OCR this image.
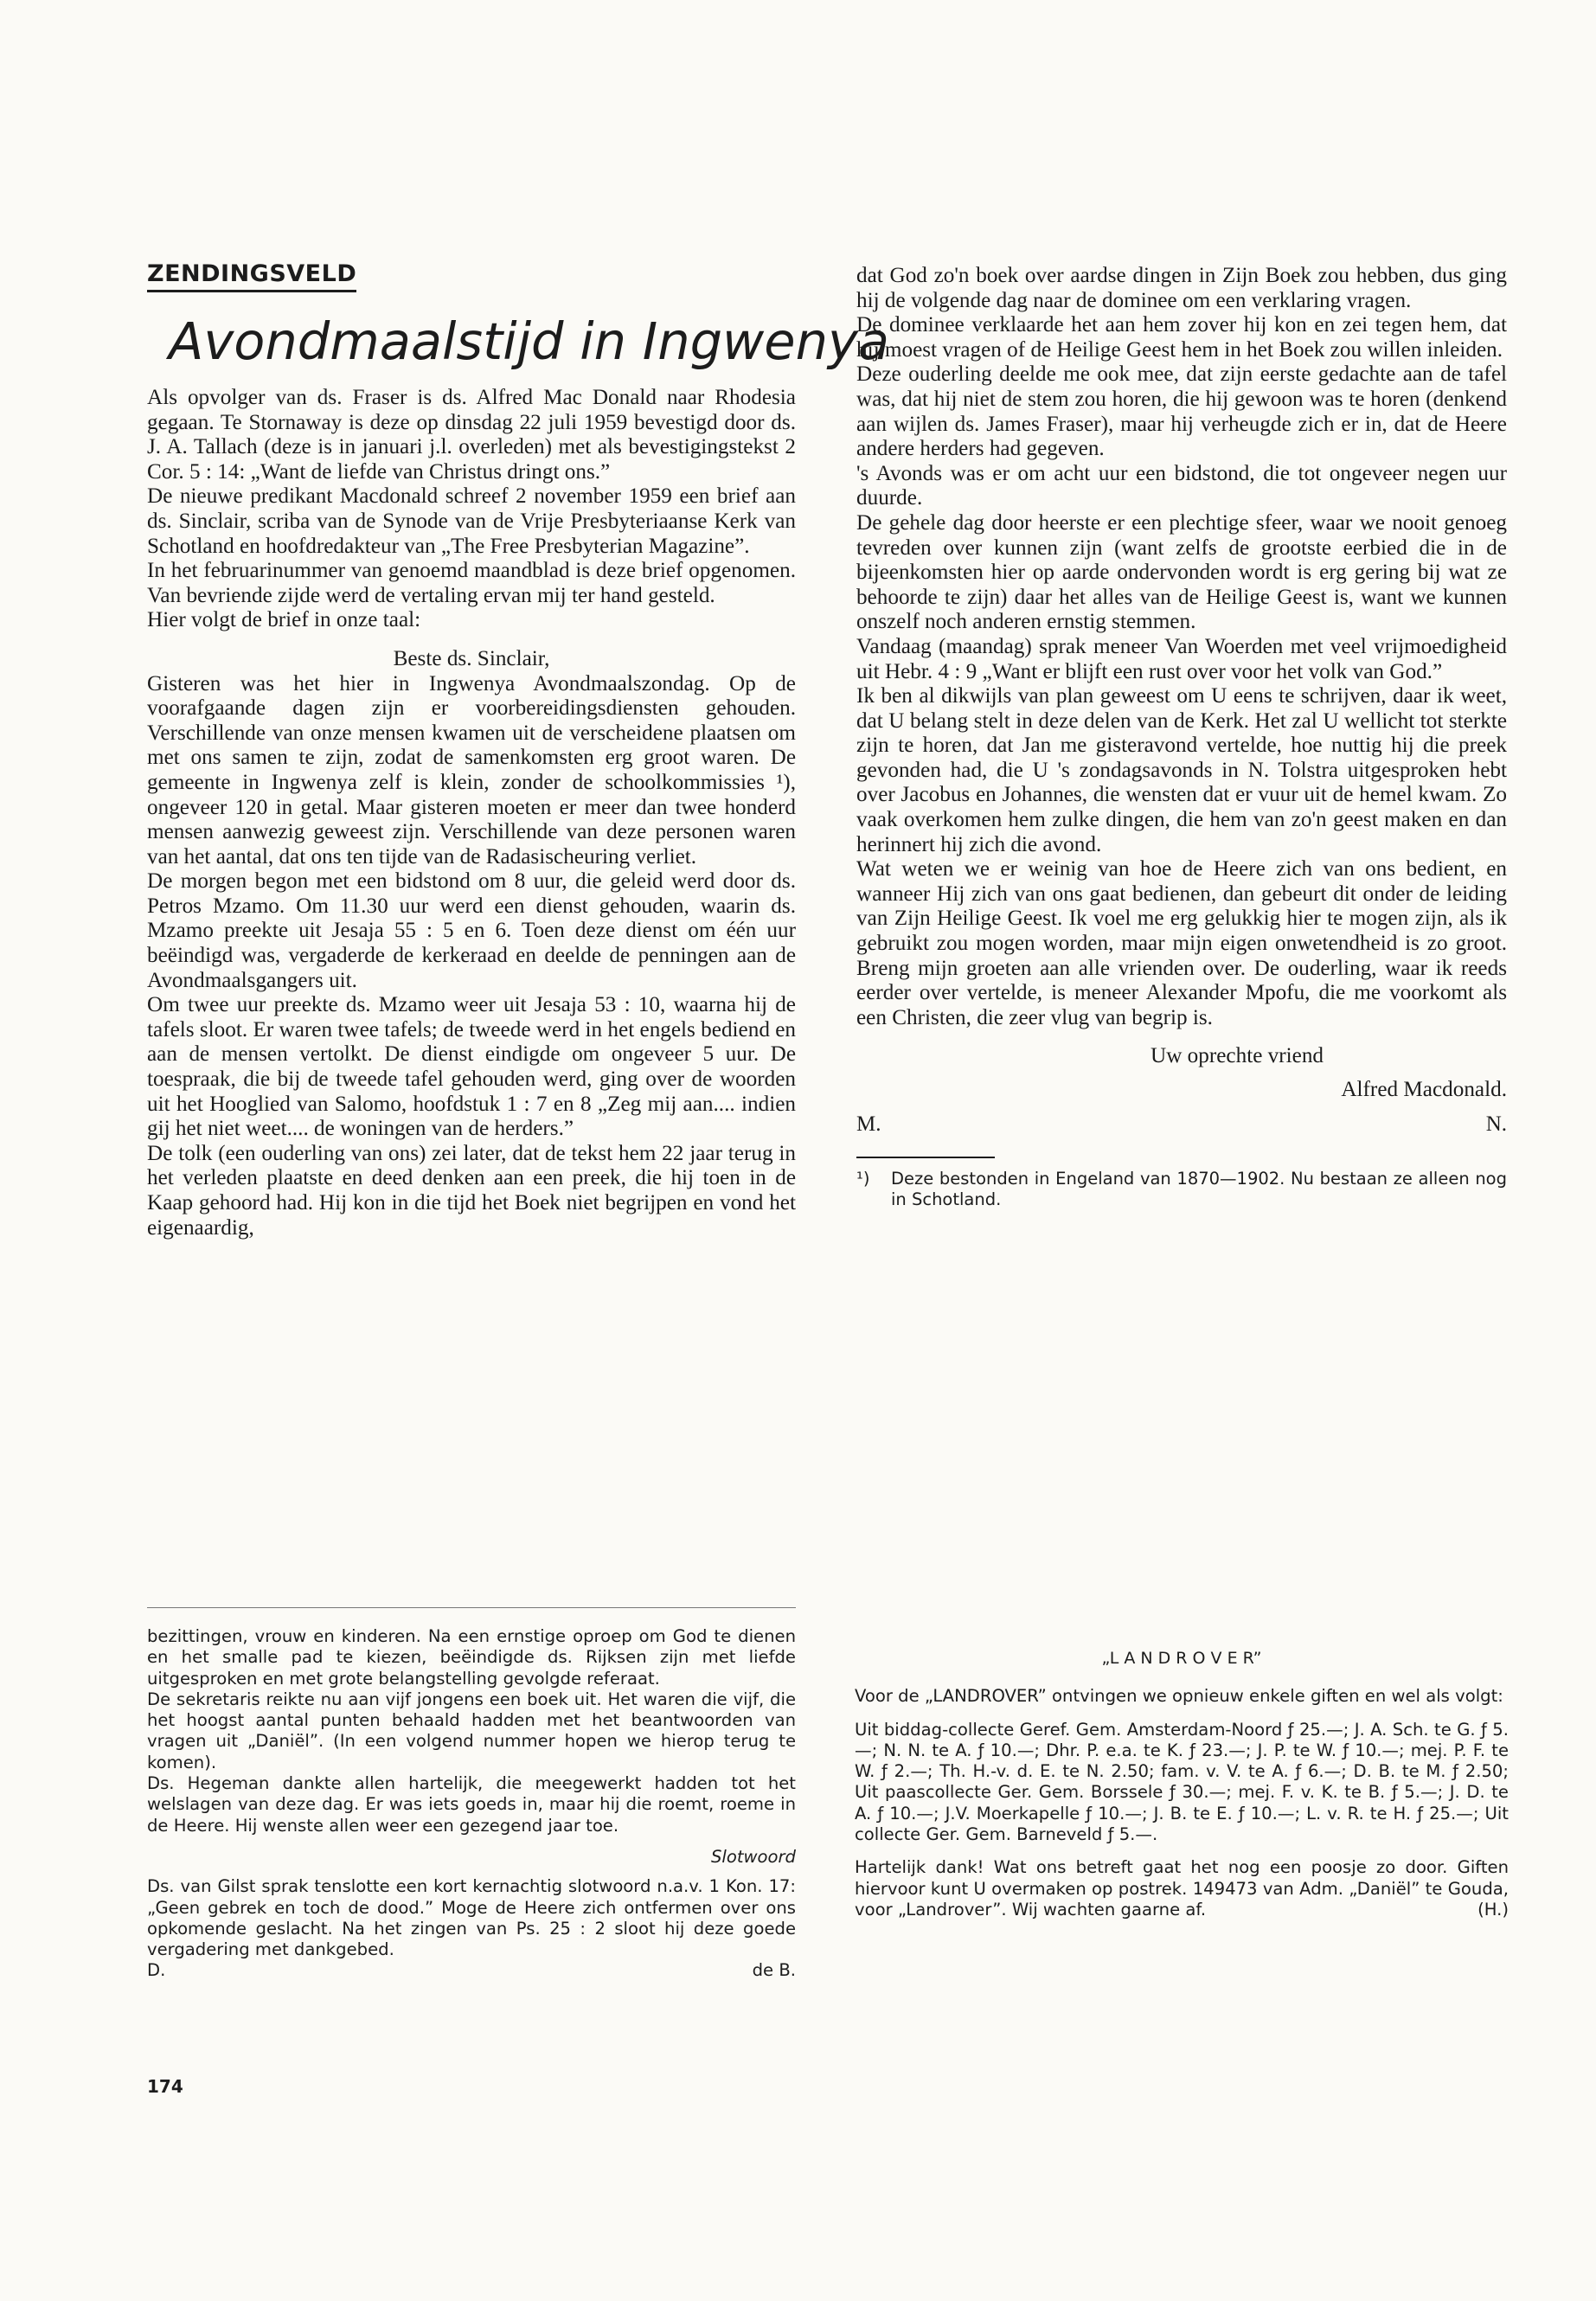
ZENDINGSVELD
Avondmaalstijd in Ingwenya

Als opvolger van ds. Fraser is ds. Alfred Mac Donald naar Rhodesia gegaan. Te Stornaway is deze op dinsdag 22 juli 1959 bevestigd door ds. J. A. Tallach (deze is in januari j.l. overleden) met als bevestigingstekst 2 Cor. 5 : 14: „Want de liefde van Christus dringt ons.”

De nieuwe predikant Macdonald schreef 2 november 1959 een brief aan ds. Sinclair, scriba van de Synode van de Vrije Presbyteriaanse Kerk van Schotland en hoofdredakteur van „The Free Presbyterian Magazine”.

In het februarinummer van genoemd maandblad is deze brief opgenomen. Van bevriende zijde werd de vertaling ervan mij ter hand gesteld.

Hier volgt de brief in onze taal:

Beste ds. Sinclair,

Gisteren was het hier in Ingwenya Avondmaalszondag. Op de voorafgaande dagen zijn er voorbereidingsdiensten gehouden. Verschillende van onze mensen kwamen uit de verscheidene plaatsen om met ons samen te zijn, zodat de samenkomsten erg groot waren. De gemeente in Ingwenya zelf is klein, zonder de schoolkommissies ¹), ongeveer 120 in getal. Maar gisteren moeten er meer dan twee honderd mensen aanwezig geweest zijn. Verschillende van deze personen waren van het aantal, dat ons ten tijde van de Radasischeuring verliet.

De morgen begon met een bidstond om 8 uur, die geleid werd door ds. Petros Mzamo. Om 11.30 uur werd een dienst gehouden, waarin ds. Mzamo preekte uit Jesaja 55 : 5 en 6. Toen deze dienst om één uur beëindigd was, vergaderde de kerkeraad en deelde de penningen aan de Avondmaalsgangers uit.

Om twee uur preekte ds. Mzamo weer uit Jesaja 53 : 10, waarna hij de tafels sloot. Er waren twee tafels; de tweede werd in het engels bediend en aan de mensen vertolkt. De dienst eindigde om ongeveer 5 uur. De toespraak, die bij de tweede tafel gehouden werd, ging over de woorden uit het Hooglied van Salomo, hoofdstuk 1 : 7 en 8 „Zeg mij aan.... indien gij het niet weet.... de woningen van de herders.”

De tolk (een ouderling van ons) zei later, dat de tekst hem 22 jaar terug in het verleden plaatste en deed denken aan een preek, die hij toen in de Kaap gehoord had. Hij kon in die tijd het Boek niet begrijpen en vond het eigenaardig,

dat God zo'n boek over aardse dingen in Zijn Boek zou hebben, dus ging hij de volgende dag naar de dominee om een verklaring vragen.

De dominee verklaarde het aan hem zover hij kon en zei tegen hem, dat hij moest vragen of de Heilige Geest hem in het Boek zou willen inleiden.

Deze ouderling deelde me ook mee, dat zijn eerste gedachte aan de tafel was, dat hij niet de stem zou horen, die hij gewoon was te horen (denkend aan wijlen ds. James Fraser), maar hij verheugde zich er in, dat de Heere andere herders had gegeven.

's Avonds was er om acht uur een bidstond, die tot ongeveer negen uur duurde.

De gehele dag door heerste er een plechtige sfeer, waar we nooit genoeg tevreden over kunnen zijn (want zelfs de grootste eerbied die in de bijeenkomsten hier op aarde ondervonden wordt is erg gering bij wat ze behoorde te zijn) daar het alles van de Heilige Geest is, want we kunnen onszelf noch anderen ernstig stemmen.

Vandaag (maandag) sprak meneer Van Woerden met veel vrijmoedigheid uit Hebr. 4 : 9 „Want er blijft een rust over voor het volk van God.”

Ik ben al dikwijls van plan geweest om U eens te schrijven, daar ik weet, dat U belang stelt in deze delen van de Kerk. Het zal U wellicht tot sterkte zijn te horen, dat Jan me gisteravond vertelde, hoe nuttig hij die preek gevonden had, die U 's zondagsavonds in N. Tolstra uitgesproken hebt over Jacobus en Johannes, die wensten dat er vuur uit de hemel kwam. Zo vaak overkomen hem zulke dingen, die hem van zo'n geest maken en dan herinnert hij zich die avond.

Wat weten we er weinig van hoe de Heere zich van ons bedient, en wanneer Hij zich van ons gaat bedienen, dan gebeurt dit onder de leiding van Zijn Heilige Geest. Ik voel me erg gelukkig hier te mogen zijn, als ik gebruikt zou mogen worden, maar mijn eigen onwetendheid is zo groot. Breng mijn groeten aan alle vrienden over. De ouderling, waar ik reeds eerder over vertelde, is meneer Alexander Mpofu, die me voorkomt als een Christen, die zeer vlug van begrip is.

Uw oprechte vriend

Alfred Macdonald.

M.	N.
¹)	Deze bestonden in Engeland van 1870—1902. Nu bestaan ze alleen nog in Schotland.

bezittingen, vrouw en kinderen. Na een ernstige oproep om God te dienen en het smalle pad te kiezen, beëindigde ds. Rijksen zijn met liefde uitgesproken en met grote belangstelling gevolgde referaat.

De sekretaris reikte nu aan vijf jongens een boek uit. Het waren die vijf, die het hoogst aantal punten behaald hadden met het beantwoorden van vragen uit „Daniël”. (In een volgend nummer hopen we hierop terug te komen).

Ds. Hegeman dankte allen hartelijk, die meegewerkt hadden tot het welslagen van deze dag. Er was iets goeds in, maar hij die roemt, roeme in de Heere. Hij wenste allen weer een gezegend jaar toe.

Slotwoord

Ds. van Gilst sprak tenslotte een kort kernachtig slotwoord n.a.v. 1 Kon. 17: „Geen gebrek en toch de dood.” Moge de Heere zich ontfermen over ons opkomende geslacht. Na het zingen van Ps. 25 : 2 sloot hij deze goede vergadering met dankgebed.

D.	de B.

„L A N D R O V E R”

Voor de „LANDROVER” ontvingen we opnieuw enkele giften en wel als volgt:

Uit biddag-collecte Geref. Gem. Amsterdam-Noord ƒ 25.—; J. A. Sch. te G. ƒ 5.—; N. N. te A. ƒ 10.—; Dhr. P. e.a. te K. ƒ 23.—; J. P. te W. ƒ 10.—; mej. P. F. te W. ƒ 2.—; Th. H.-v. d. E. te N. 2.50; fam. v. V. te A. ƒ 6.—; D. B. te M. ƒ 2.50; Uit paascollecte Ger. Gem. Borssele ƒ 30.—; mej. F. v. K. te B. ƒ 5.—; J. D. te A. ƒ 10.—; J.V. Moerkapelle ƒ 10.—; J. B. te E. ƒ 10.—; L. v. R. te H. ƒ 25.—; Uit collecte Ger. Gem. Barneveld ƒ 5.—.

Hartelijk dank! Wat ons betreft gaat het nog een poosje zo door. Giften hiervoor kunt U overmaken op postrek. 149473 van Adm. „Daniël” te Gouda, voor „Landrover”. Wij wachten gaarne af.	(H.)

174
